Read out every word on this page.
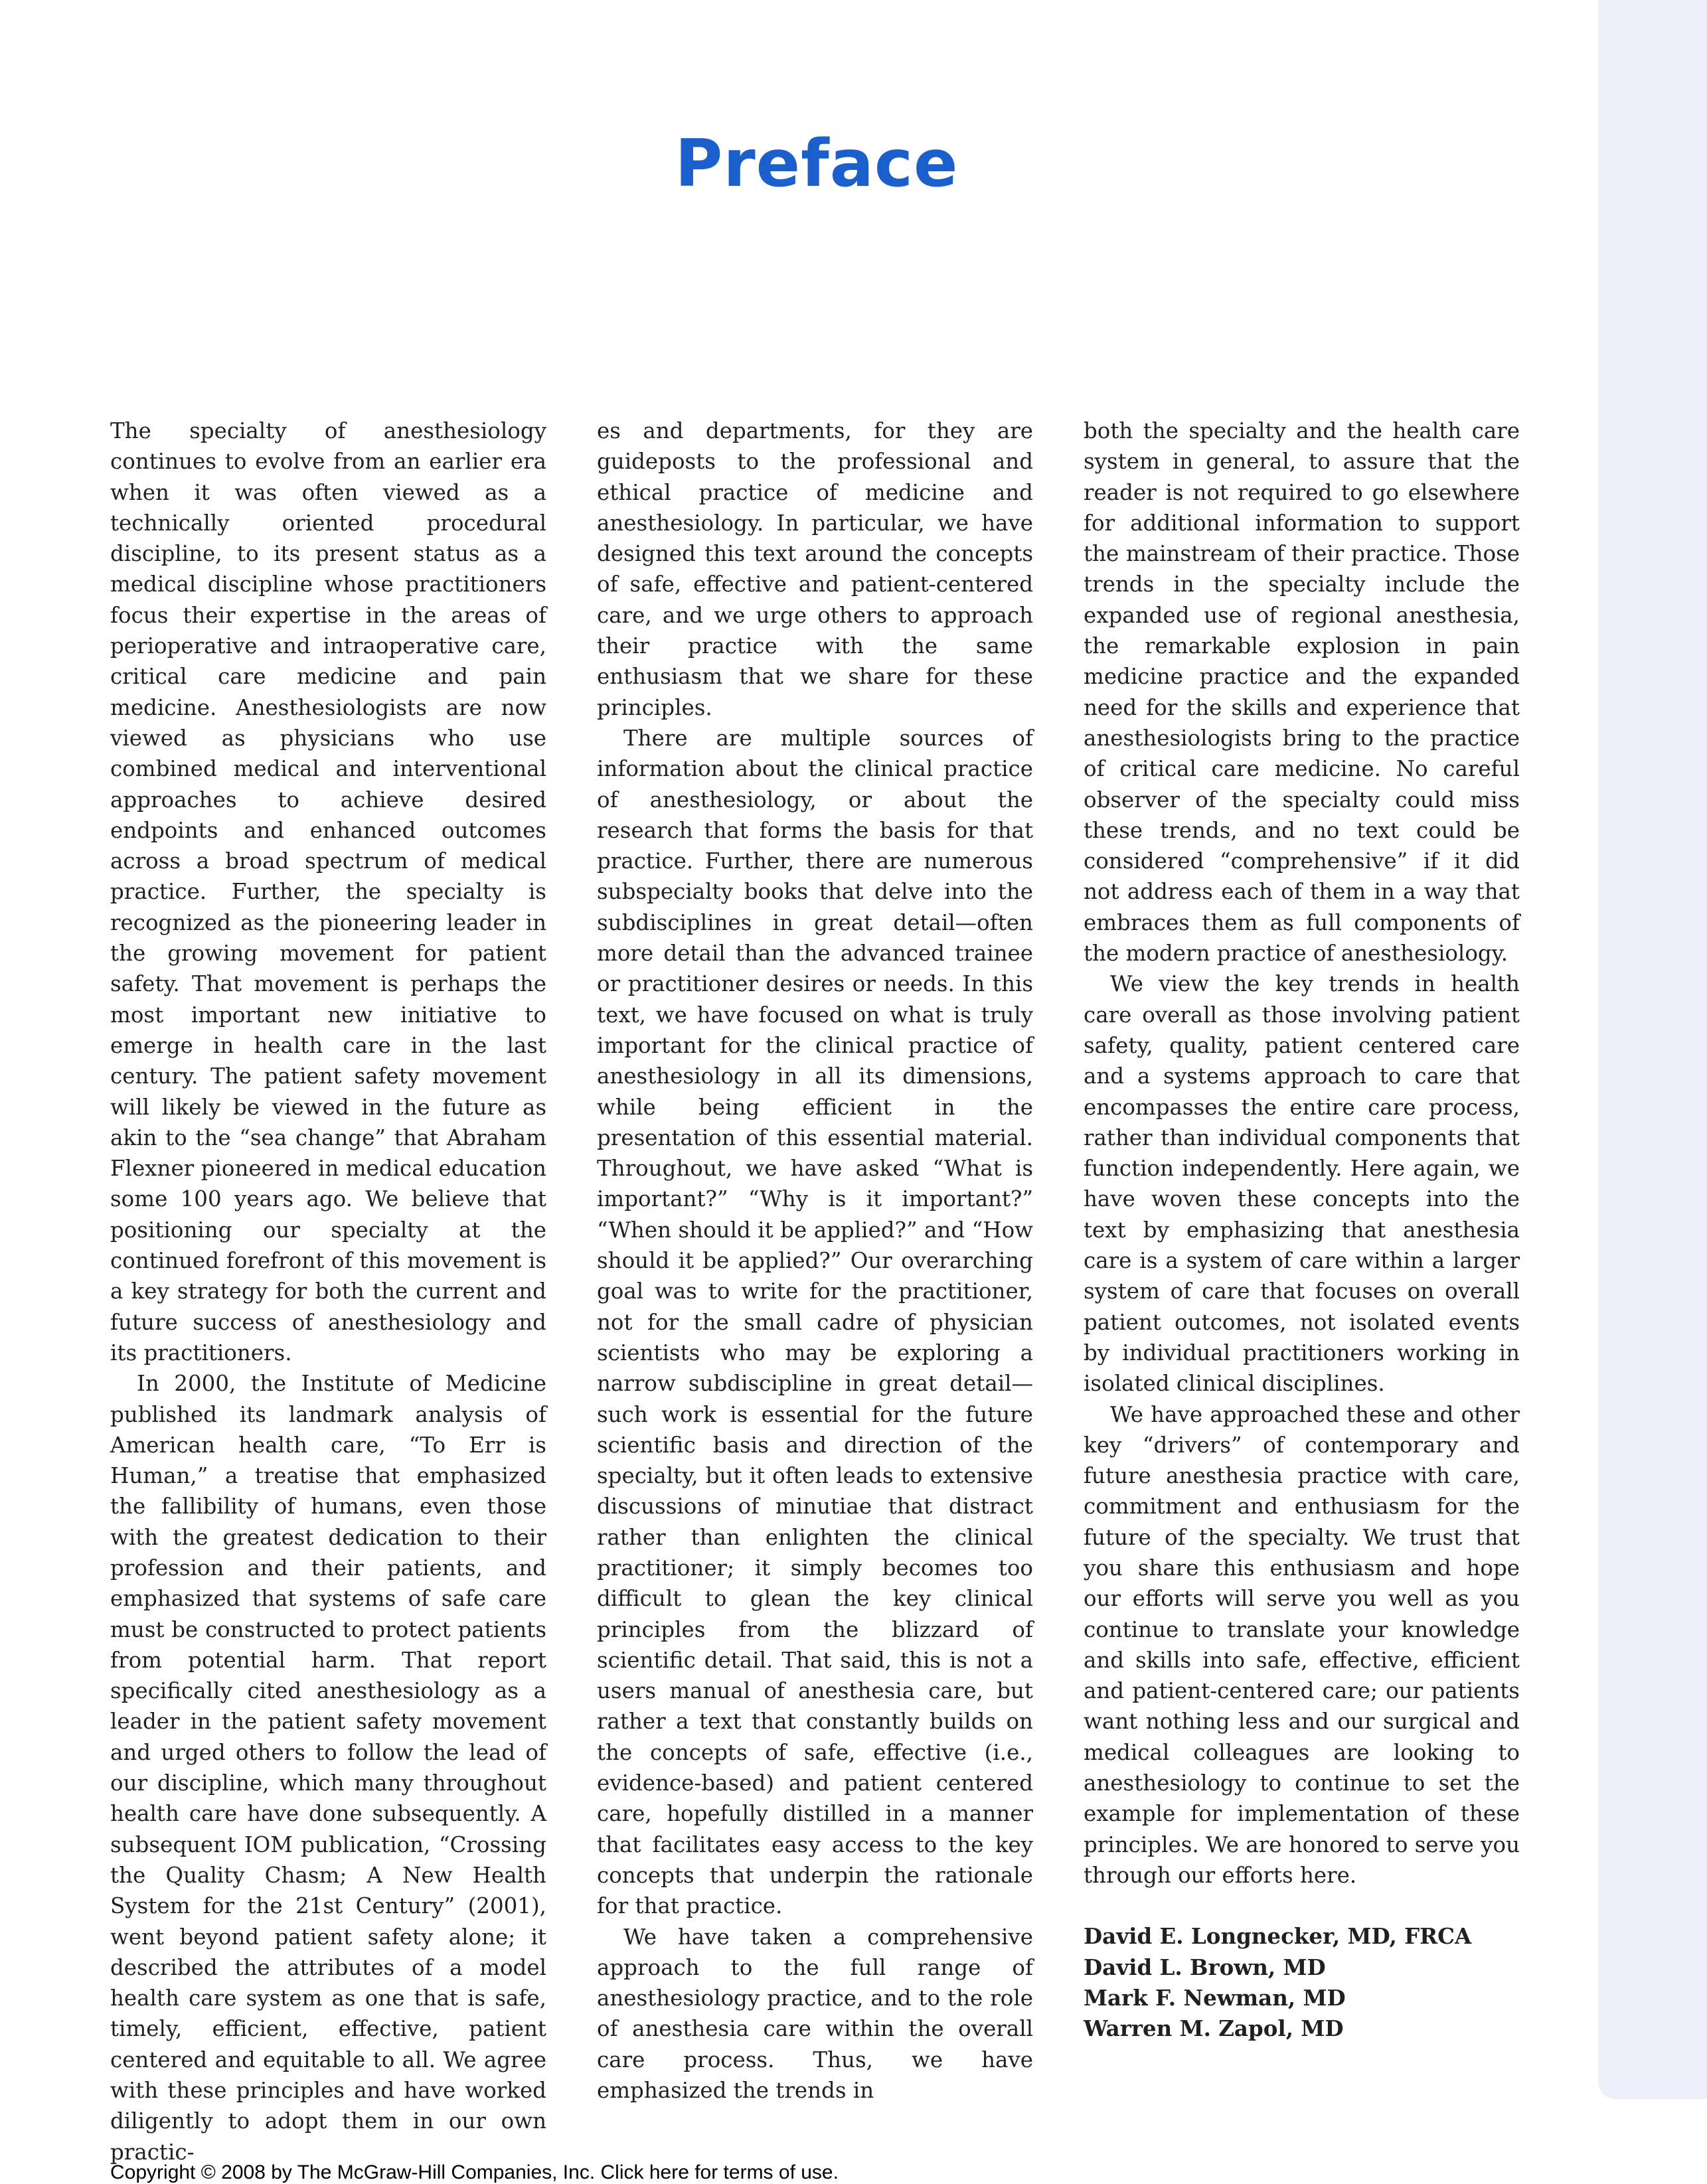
Preface

The specialty of anesthesiology continues to evolve from an earlier era when it was often viewed as a technically oriented procedural discipline, to its present status as a medical discipline whose practitioners focus their expertise in the areas of perioperative and intraoperative care, critical care medicine and pain medicine. Anesthesiologists are now viewed as physicians who use combined medical and interventional approaches to achieve desired endpoints and enhanced outcomes across a broad spectrum of medical practice. Further, the specialty is recognized as the pioneering leader in the growing movement for patient safety. That movement is perhaps the most important new initiative to emerge in health care in the last century. The patient safety movement will likely be viewed in the future as akin to the “sea change” that Abraham Flexner pioneered in medical education some 100 years ago. We believe that positioning our specialty at the continued forefront of this movement is a key strategy for both the current and future success of anesthesiology and its practitioners.

In 2000, the Institute of Medicine published its landmark analysis of American health care, “To Err is Human,” a treatise that emphasized the fallibility of humans, even those with the greatest dedication to their profession and their patients, and emphasized that systems of safe care must be constructed to protect patients from potential harm. That report specifically cited anesthesiology as a leader in the patient safety movement and urged others to follow the lead of our discipline, which many throughout health care have done subsequently. A subsequent IOM publication, “Crossing the Quality Chasm; A New Health System for the 21st Century” (2001), went beyond patient safety alone; it described the attributes of a model health care system as one that is safe, timely, efficient, effective, patient centered and equitable to all. We agree with these principles and have worked diligently to adopt them in our own practic-

es and departments, for they are guideposts to the professional and ethical practice of medicine and anesthesiology. In particular, we have designed this text around the concepts of safe, effective and patient-centered care, and we urge others to approach their practice with the same enthusiasm that we share for these principles.

There are multiple sources of information about the clinical practice of anesthesiology, or about the research that forms the basis for that practice. Further, there are numerous subspecialty books that delve into the subdisciplines in great detail—often more detail than the advanced trainee or practitioner desires or needs. In this text, we have focused on what is truly important for the clinical practice of anesthesiology in all its dimensions, while being efficient in the presentation of this essential material. Throughout, we have asked “What is important?” “Why is it important?” “When should it be applied?” and “How should it be applied?” Our overarching goal was to write for the practitioner, not for the small cadre of physician scientists who may be exploring a narrow subdiscipline in great detail—such work is essential for the future scientific basis and direction of the specialty, but it often leads to extensive discussions of minutiae that distract rather than enlighten the clinical practitioner; it simply becomes too difficult to glean the key clinical principles from the blizzard of scientific detail. That said, this is not a users manual of anesthesia care, but rather a text that constantly builds on the concepts of safe, effective (i.e., evidence-based) and patient centered care, hopefully distilled in a manner that facilitates easy access to the key concepts that underpin the rationale for that practice.

We have taken a comprehensive approach to the full range of anesthesiology practice, and to the role of anesthesia care within the overall care process. Thus, we have emphasized the trends in

both the specialty and the health care system in general, to assure that the reader is not required to go elsewhere for additional information to support the mainstream of their practice. Those trends in the specialty include the expanded use of regional anesthesia, the remarkable explosion in pain medicine practice and the expanded need for the skills and experience that anesthesiologists bring to the practice of critical care medicine. No careful observer of the specialty could miss these trends, and no text could be considered “comprehensive” if it did not address each of them in a way that embraces them as full components of the modern practice of anesthesiology.

We view the key trends in health care overall as those involving patient safety, quality, patient centered care and a systems approach to care that encompasses the entire care process, rather than individual components that function independently. Here again, we have woven these concepts into the text by emphasizing that anesthesia care is a system of care within a larger system of care that focuses on overall patient outcomes, not isolated events by individual practitioners working in isolated clinical disciplines.

We have approached these and other key “drivers” of contemporary and future anesthesia practice with care, commitment and enthusiasm for the future of the specialty. We trust that you share this enthusiasm and hope our efforts will serve you well as you continue to translate your knowledge and skills into safe, effective, efficient and patient-centered care; our patients want nothing less and our surgical and medical colleagues are looking to anesthesiology to continue to set the example for implementation of these principles. We are honored to serve you through our efforts here.

David E. Longnecker, MD, FRCA
David L. Brown, MD
Mark F. Newman, MD
Warren M. Zapol, MD
Copyright © 2008 by The McGraw-Hill Companies, Inc. Click here for terms of use.
